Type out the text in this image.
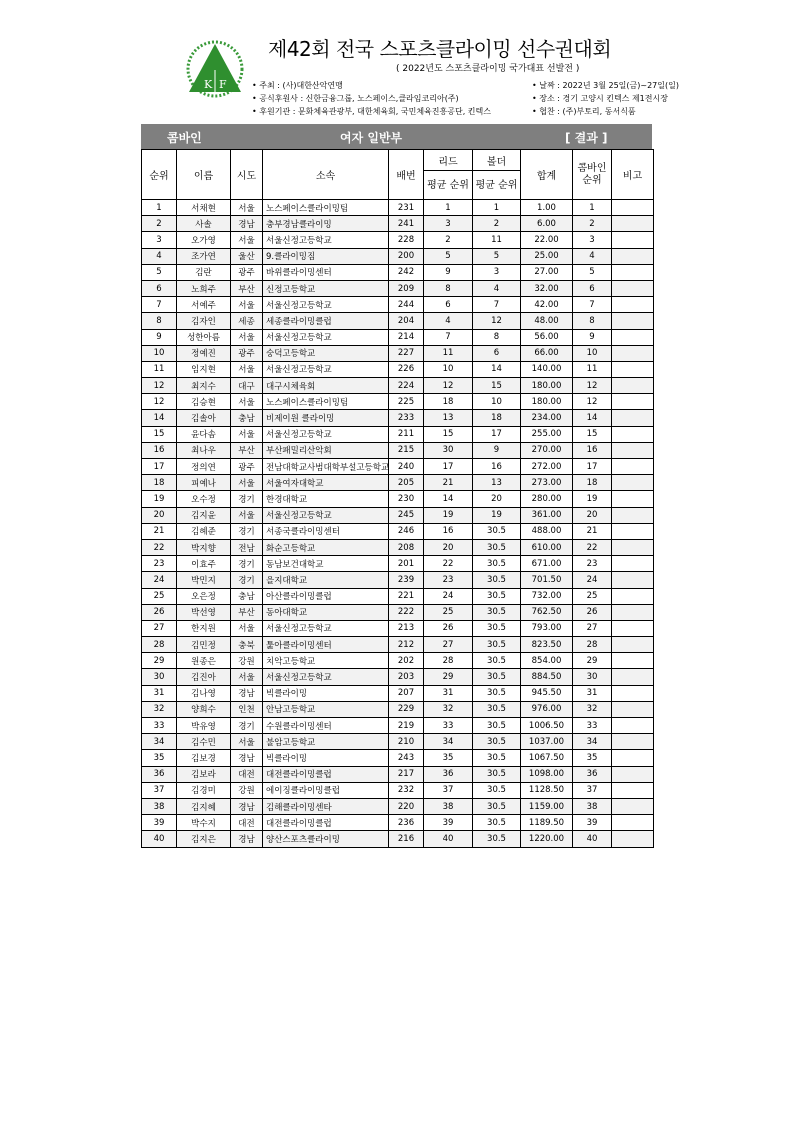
K F
제42회 전국 스포츠클라이밍 선수권대회
( 2022년도 스포츠클라이밍 국가대표 선발전 )
• 주최 : (사)대한산악연맹
• 공식후원사 : 신한금융그룹, 노스페이스,클라임코리아(주)
• 후원기관 : 문화체육관광부, 대한체육회, 국민체육진흥공단, 킨텍스
• 날짜 : 2022년 3월 25일(금)~27일(일)
• 장소 : 경기 고양시 킨텍스 제1전시장
• 협찬 : (주)부토리, 동서식품
콤바인	여자 일반부	[ 결과 ]
순위	이름	시도	소속	배번	리드	볼더	합계	콤바인 순위	비고
					평균 순위	평균 순위			
1	서채현	서울	노스페이스클라이밍팀	231	1	1	1.00	1	
2	사솔	경남	충부경남클라이밍	241	3	2	6.00	2	
3	오가영	서울	서울신정고등학교	228	2	11	22.00	3	
4	조가연	울산	9.클라이밍짐	200	5	5	25.00	4	
5	김란	광주	바위클라이밍센터	242	9	3	27.00	5	
6	노희주	부산	신정고등학교	209	8	4	32.00	6	
7	서예주	서울	서울신정고등학교	244	6	7	42.00	7	
8	김자인	세종	세종클라이밍클럽	204	4	12	48.00	8	
9	성한아름	서울	서울신정고등학교	214	7	8	56.00	9	
10	정예진	광주	숭덕고등학교	227	11	6	66.00	10	
11	임지현	서울	서울신정고등학교	226	10	14	140.00	11	
12	최지수	대구	대구시체육회	224	12	15	180.00	12	
12	김승현	서울	노스페이스클라이밍팀	225	18	10	180.00	12	
14	김솔아	충남	비제이원 클라이밍	233	13	18	234.00	14	
15	윤다솜	서울	서울신정고등학교	211	15	17	255.00	15	
16	최나우	부산	부산패밀리산악회	215	30	9	270.00	16	
17	정의연	광주	전남대학교사범대학부설고등학교	240	17	16	272.00	17	
18	피예나	서울	서울여자대학교	205	21	13	273.00	18	
19	오수정	경기	한경대학교	230	14	20	280.00	19	
20	김지윤	서울	서울신정고등학교	245	19	19	361.00	20	
21	김혜준	경기	서종국클라이밍센터	246	16	30.5	488.00	21	
22	박지향	전남	화순고등학교	208	20	30.5	610.00	22	
23	이효주	경기	동남보건대학교	201	22	30.5	671.00	23	
24	박민지	경기	을지대학교	239	23	30.5	701.50	24	
25	오은정	충남	아산클라이밍클럽	221	24	30.5	732.00	25	
26	박선영	부산	동아대학교	222	25	30.5	762.50	26	
27	한지원	서울	서울신정고등학교	213	26	30.5	793.00	27	
28	김민정	충북	툹아클라이밍센터	212	27	30.5	823.50	28	
29	원종은	강원	치악고등학교	202	28	30.5	854.00	29	
30	김진아	서울	서울신정고등학교	203	29	30.5	884.50	30	
31	김나영	경남	빅클라이밍	207	31	30.5	945.50	31	
32	양희수	인천	안남고등학교	229	32	30.5	976.00	32	
33	박유영	경기	수원클라이밍센터	219	33	30.5	1006.50	33	
34	김수민	서울	불암고등학교	210	34	30.5	1037.00	34	
35	김보경	경남	빅클라이밍	243	35	30.5	1067.50	35	
36	김보라	대전	대전클라이밍클럽	217	36	30.5	1098.00	36	
37	김경미	강원	에이징클라이밍클럽	232	37	30.5	1128.50	37	
38	김지혜	경남	김해클라이밍센타	220	38	30.5	1159.00	38	
39	박수지	대전	대전클라이밍클럽	236	39	30.5	1189.50	39	
40	김지은	경남	양산스포츠클라이밍	216	40	30.5	1220.00	40	
